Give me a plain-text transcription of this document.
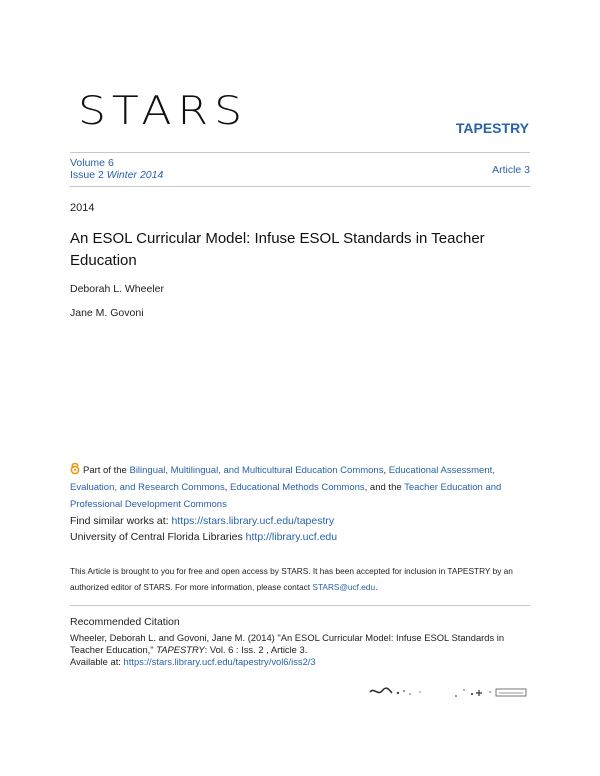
STARS	TAPESTRY
Volume 6
Issue 2 Winter 2014	Article 3
2014
An ESOL Curricular Model: Infuse ESOL Standards in Teacher Education
Deborah L. Wheeler
Jane M. Govoni
Part of the Bilingual, Multilingual, and Multicultural Education Commons, Educational Assessment, Evaluation, and Research Commons, Educational Methods Commons, and the Teacher Education and Professional Development Commons
Find similar works at: https://stars.library.ucf.edu/tapestry
University of Central Florida Libraries http://library.ucf.edu
This Article is brought to you for free and open access by STARS. It has been accepted for inclusion in TAPESTRY by an authorized editor of STARS. For more information, please contact STARS@ucf.edu.
Recommended Citation
Wheeler, Deborah L. and Govoni, Jane M. (2014) "An ESOL Curricular Model: Infuse ESOL Standards in Teacher Education," TAPESTRY: Vol. 6 : Iss. 2 , Article 3.
Available at: https://stars.library.ucf.edu/tapestry/vol6/iss2/3
